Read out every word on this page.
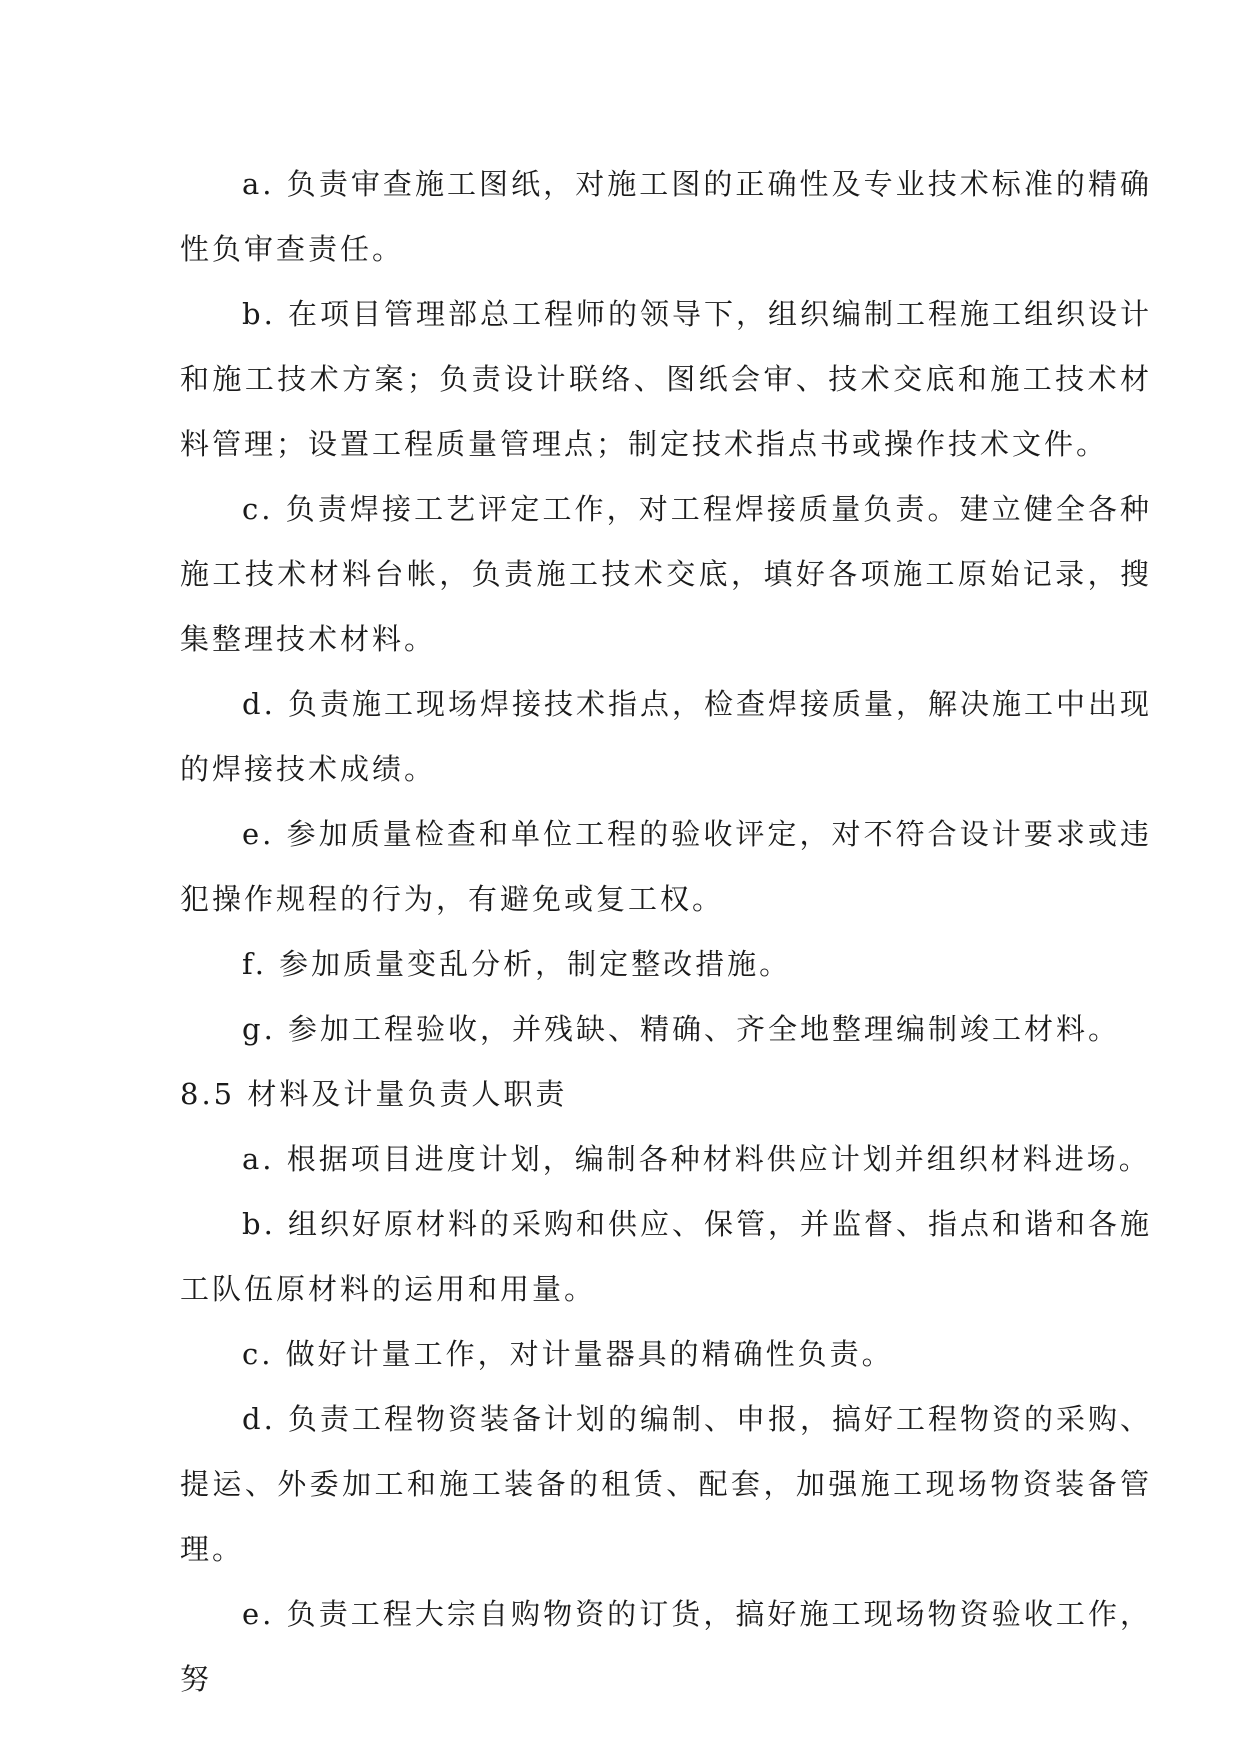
a. 负责审查施工图纸，对施工图的正确性及专业技术标准的精确性负审查责任。

b. 在项目管理部总工程师的领导下，组织编制工程施工组织设计和施工技术方案；负责设计联络、图纸会审、技术交底和施工技术材料管理；设置工程质量管理点；制定技术指点书或操作技术文件。

c. 负责焊接工艺评定工作，对工程焊接质量负责。建立健全各种施工技术材料台帐，负责施工技术交底，填好各项施工原始记录，搜集整理技术材料。

d. 负责施工现场焊接技术指点，检查焊接质量，解决施工中出现的焊接技术成绩。

e. 参加质量检查和单位工程的验收评定，对不符合设计要求或违犯操作规程的行为，有避免或复工权。

f. 参加质量变乱分析，制定整改措施。

g. 参加工程验收，并残缺、精确、齐全地整理编制竣工材料。

8.5 材料及计量负责人职责

a. 根据项目进度计划，编制各种材料供应计划并组织材料进场。

b. 组织好原材料的采购和供应、保管，并监督、指点和谐和各施工队伍原材料的运用和用量。

c. 做好计量工作，对计量器具的精确性负责。

d. 负责工程物资装备计划的编制、申报，搞好工程物资的采购、提运、外委加工和施工装备的租赁、配套，加强施工现场物资装备管理。

e. 负责工程大宗自购物资的订货，搞好施工现场物资验收工作，努
